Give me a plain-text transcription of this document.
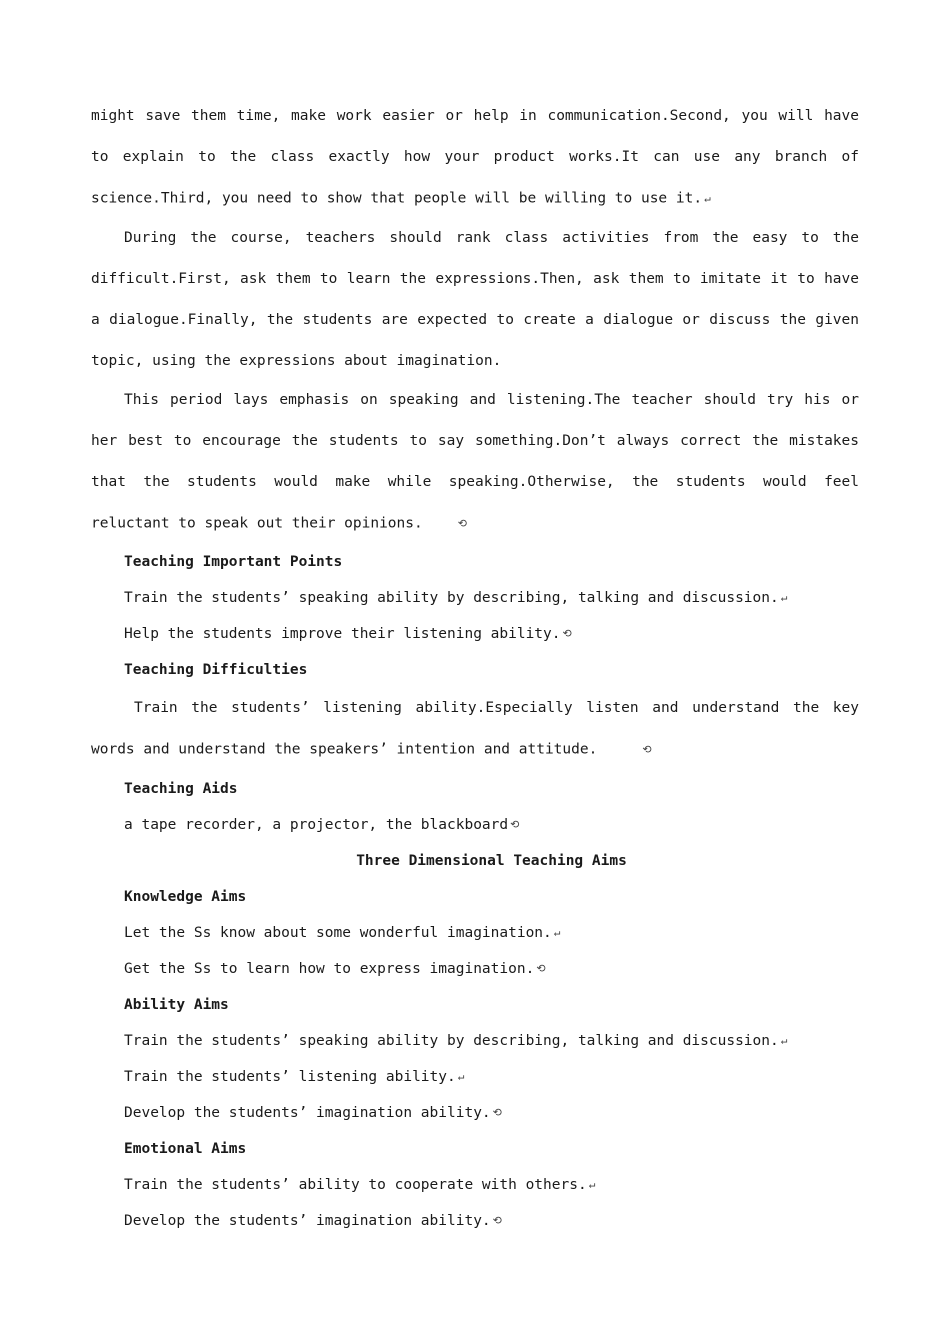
might save them time, make work easier or help in communication.Second, you will have to explain to the class exactly how your product works.It can use any branch of science.Third, you need to show that people will be willing to use it. ↵

During the course, teachers should rank class activities from the easy to the difficult.First, ask them to learn the expressions.Then, ask them to imitate it to have a dialogue.Finally, the students are expected to create a dialogue or discuss the given topic, using the expressions about imagination.

This period lays emphasis on speaking and listening.The teacher should try his or her best to encourage the students to say something.Don’t always correct the mistakes that the students would make while speaking.Otherwise, the students would feel reluctant to speak out their opinions.	⟲

Teaching Important Points

Train the students’ speaking ability by describing, talking and discussion. ↵

Help the students improve their listening ability. ⟲

Teaching Difficulties

Train the students’ listening ability.Especially listen and understand the key words and understand the speakers’ intention and attitude.	⟲

Teaching Aids

a tape recorder, a projector, the blackboard ⟲

Three Dimensional Teaching Aims

Knowledge Aims

Let the Ss know about some wonderful imagination. ↵

Get the Ss to learn how to express imagination. ⟲

Ability Aims

Train the students’ speaking ability by describing, talking and discussion. ↵

Train the students’ listening ability. ↵

Develop the students’ imagination ability. ⟲

Emotional Aims

Train the students’ ability to cooperate with others. ↵

Develop the students’ imagination ability. ⟲
